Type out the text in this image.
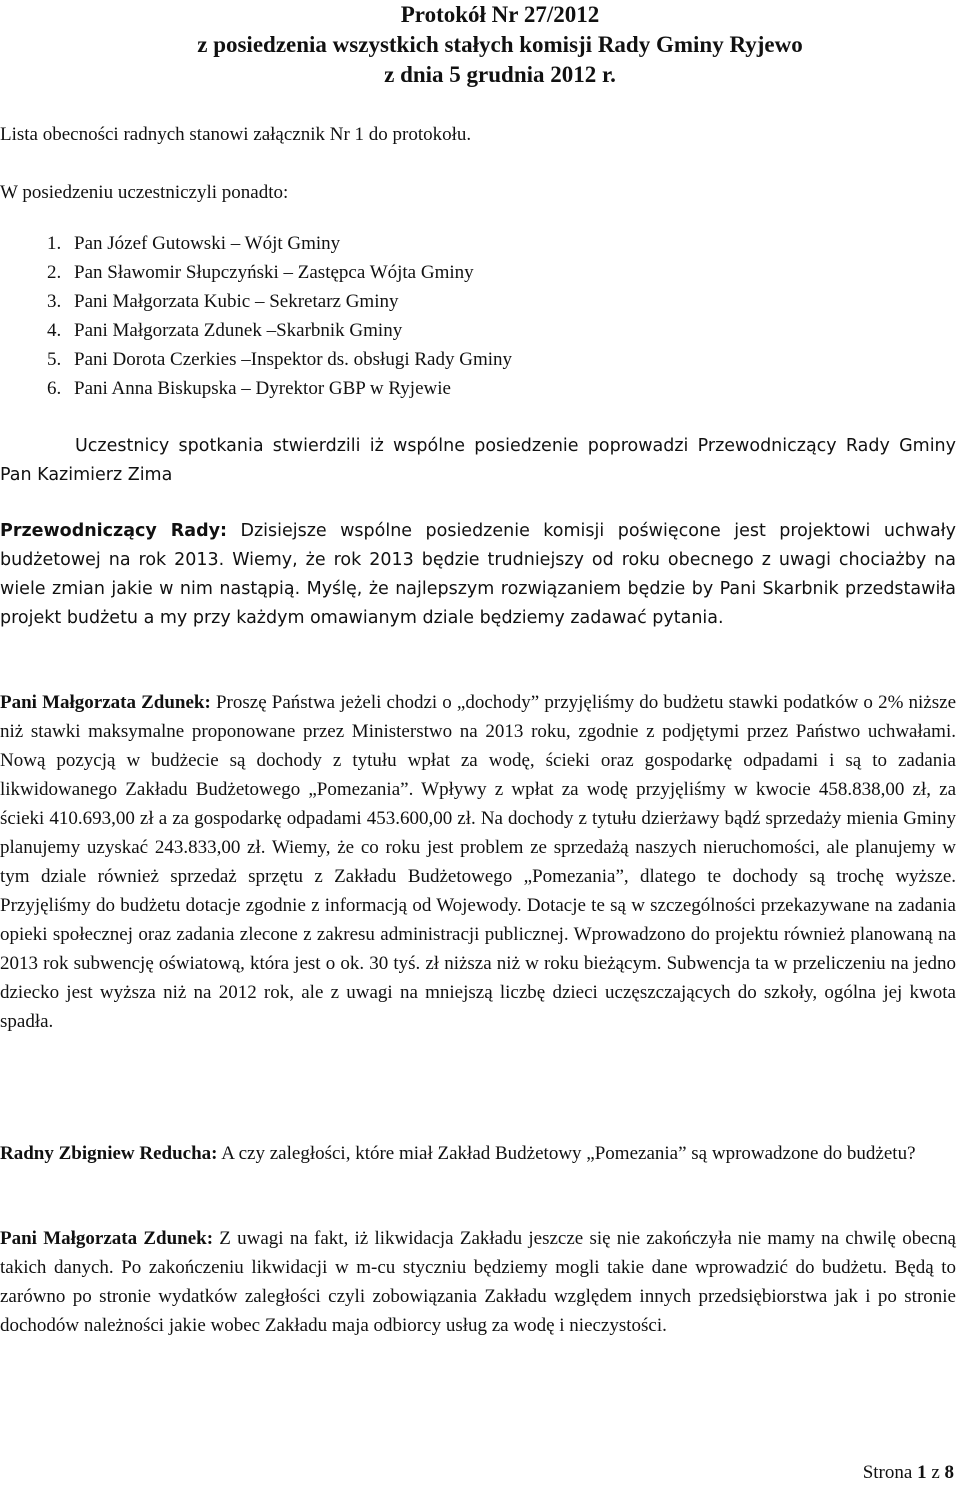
Protokół Nr 27/2012
z posiedzenia wszystkich stałych komisji Rady Gminy Ryjewo
z dnia 5 grudnia 2012 r.

Lista obecności radnych stanowi załącznik Nr 1 do protokołu.

W posiedzeniu uczestniczyli ponadto:

1. Pan Józef Gutowski – Wójt Gminy
2. Pan Sławomir Słupczyński – Zastępca Wójta Gminy
3. Pani Małgorzata Kubic – Sekretarz Gminy
4. Pani Małgorzata Zdunek –Skarbnik Gminy
5. Pani Dorota Czerkies –Inspektor ds. obsługi Rady Gminy
6. Pani Anna Biskupska – Dyrektor GBP w Ryjewie

Uczestnicy spotkania stwierdzili iż wspólne posiedzenie poprowadzi Przewodniczący Rady Gminy Pan Kazimierz Zima

Przewodniczący Rady: Dzisiejsze wspólne posiedzenie komisji poświęcone jest projektowi uchwały budżetowej na rok 2013. Wiemy, że rok 2013 będzie trudniejszy od roku obecnego z uwagi chociażby na wiele zmian jakie w nim nastąpią. Myślę, że najlepszym rozwiązaniem będzie by Pani Skarbnik przedstawiła projekt budżetu a my przy każdym omawianym dziale będziemy zadawać pytania.

Pani Małgorzata Zdunek: Proszę Państwa jeżeli chodzi o „dochody” przyjęliśmy do budżetu stawki podatków o 2% niższe niż stawki maksymalne proponowane przez Ministerstwo na 2013 roku, zgodnie z podjętymi przez Państwo uchwałami. Nową pozycją w budżecie są dochody z tytułu wpłat za wodę, ścieki oraz gospodarkę odpadami i są to zadania likwidowanego Zakładu Budżetowego „Pomezania”. Wpływy z wpłat za wodę przyjęliśmy w kwocie 458.838,00 zł, za ścieki 410.693,00 zł a za gospodarkę odpadami 453.600,00 zł. Na dochody z tytułu dzierżawy bądź sprzedaży mienia Gminy planujemy uzyskać 243.833,00 zł. Wiemy, że co roku jest problem ze sprzedażą naszych nieruchomości, ale planujemy w tym dziale również sprzedaż sprzętu z Zakładu Budżetowego „Pomezania”, dlatego te dochody są trochę wyższe. Przyjęliśmy do budżetu dotacje zgodnie z informacją od Wojewody. Dotacje te są w szczególności przekazywane na zadania opieki społecznej oraz zadania zlecone z zakresu administracji publicznej. Wprowadzono do projektu również planowaną na 2013 rok subwencję oświatową, która jest o ok. 30 tyś. zł niższa niż w roku bieżącym. Subwencja ta w przeliczeniu na jedno dziecko jest wyższa niż na 2012 rok, ale z uwagi na mniejszą liczbę dzieci uczęszczających do szkoły, ogólna jej kwota spadła.

Radny Zbigniew Reducha: A czy zaległości, które miał Zakład Budżetowy „Pomezania” są wprowadzone do budżetu?

Pani Małgorzata Zdunek: Z uwagi na fakt, iż likwidacja Zakładu jeszcze się nie zakończyła nie mamy na chwilę obecną takich danych. Po zakończeniu likwidacji w m-cu styczniu będziemy mogli takie dane wprowadzić do budżetu. Będą to zarówno po stronie wydatków zaległości czyli zobowiązania Zakładu względem innych przedsiębiorstwa jak i po stronie dochodów należności jakie wobec Zakładu maja odbiorcy usług za wodę i nieczystości.

Strona 1 z 8
